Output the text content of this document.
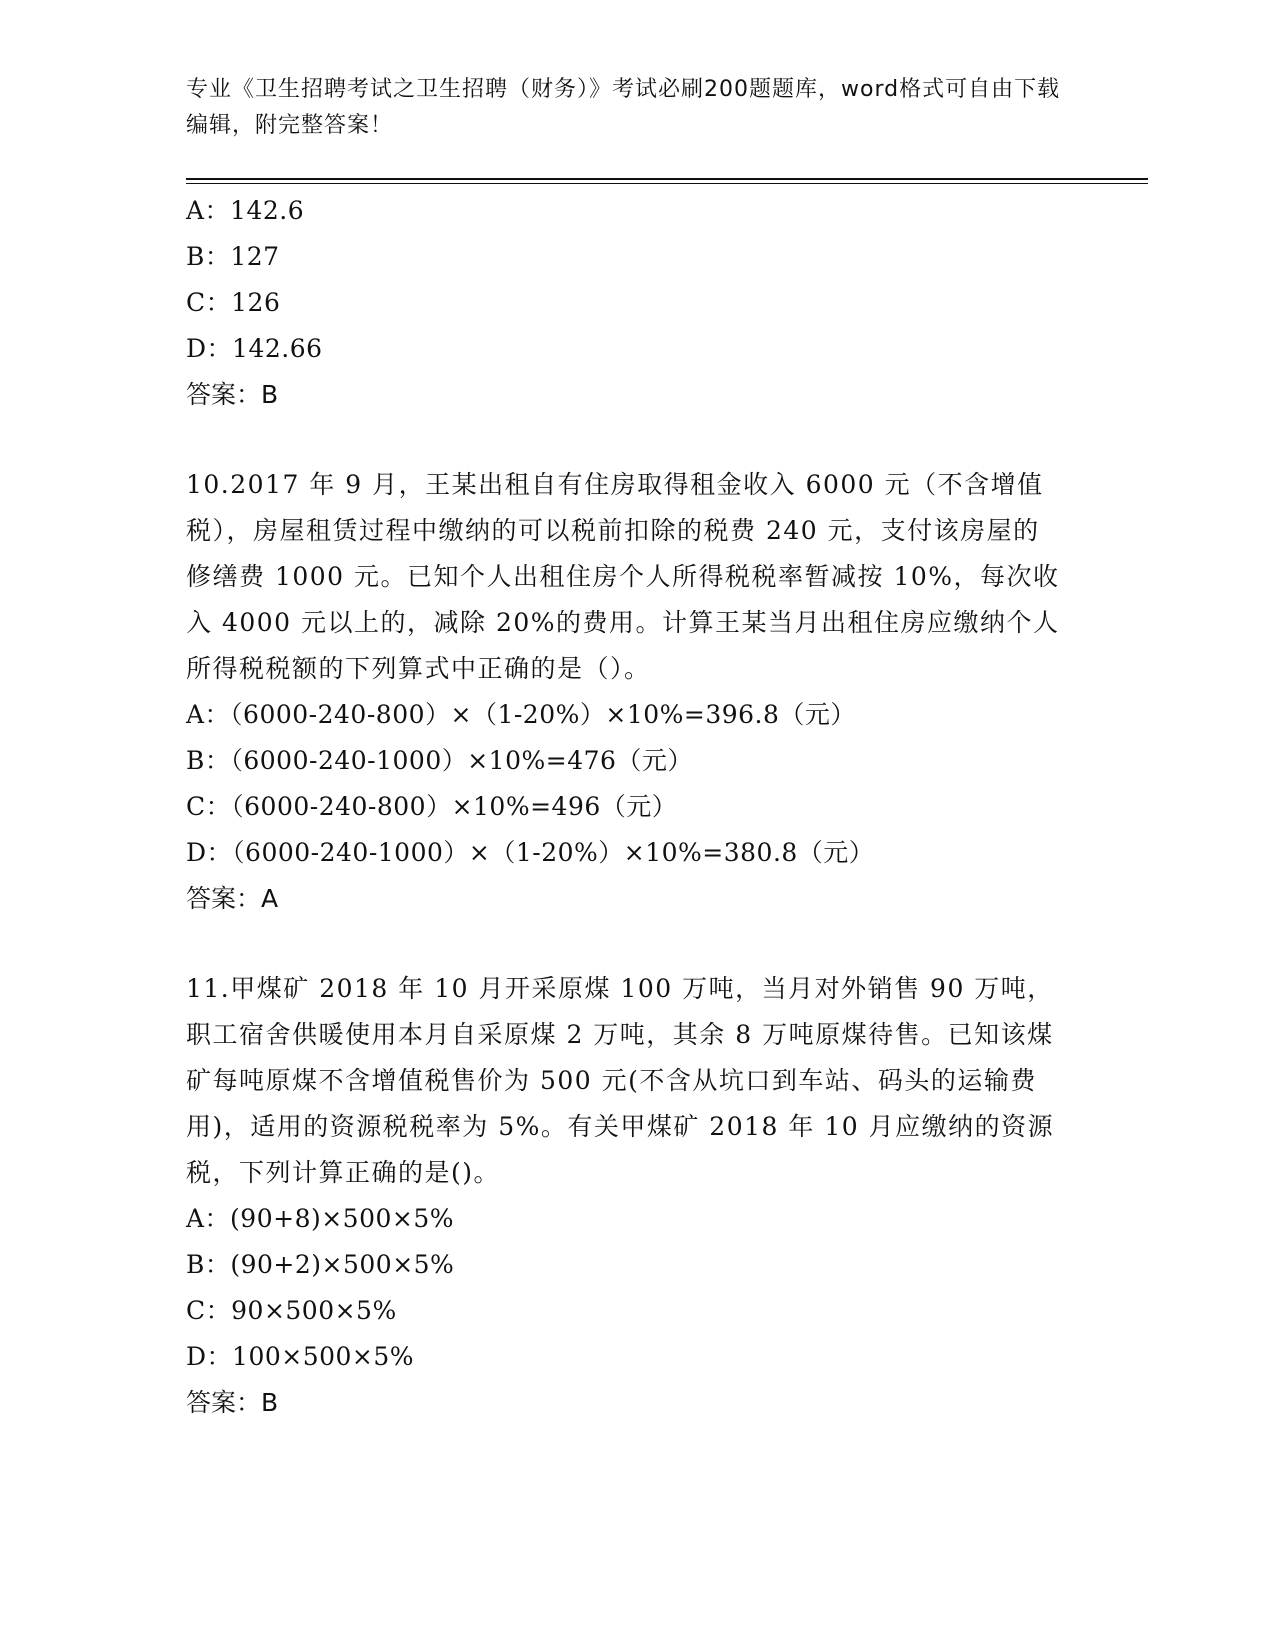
专业《卫生招聘考试之卫生招聘（财务）》考试必刷200题题库，word格式可自由下载编辑，附完整答案！
A：142.6
B：127
C：126
D：142.66
答案：B
10.2017 年 9 月，王某出租自有住房取得租金收入 6000 元（不含增值税），房屋租赁过程中缴纳的可以税前扣除的税费 240 元，支付该房屋的修缮费 1000 元。已知个人出租住房个人所得税税率暂减按 10%，每次收入 4000 元以上的，减除 20%的费用。计算王某当月出租住房应缴纳个人所得税税额的下列算式中正确的是（）。
A：（6000-240-800）×（1-20%）×10%=396.8（元）
B：（6000-240-1000）×10%=476（元）
C：（6000-240-800）×10%=496（元）
D：（6000-240-1000）×（1-20%）×10%=380.8（元）
答案：A
11.甲煤矿 2018 年 10 月开采原煤 100 万吨，当月对外销售 90 万吨，职工宿舍供暖使用本月自采原煤 2 万吨，其余 8 万吨原煤待售。已知该煤矿每吨原煤不含增值税售价为 500 元(不含从坑口到车站、码头的运输费用)，适用的资源税税率为 5%。有关甲煤矿 2018 年 10 月应缴纳的资源税，下列计算正确的是()。
A：(90+8)×500×5%
B：(90+2)×500×5%
C：90×500×5%
D：100×500×5%
答案：B
